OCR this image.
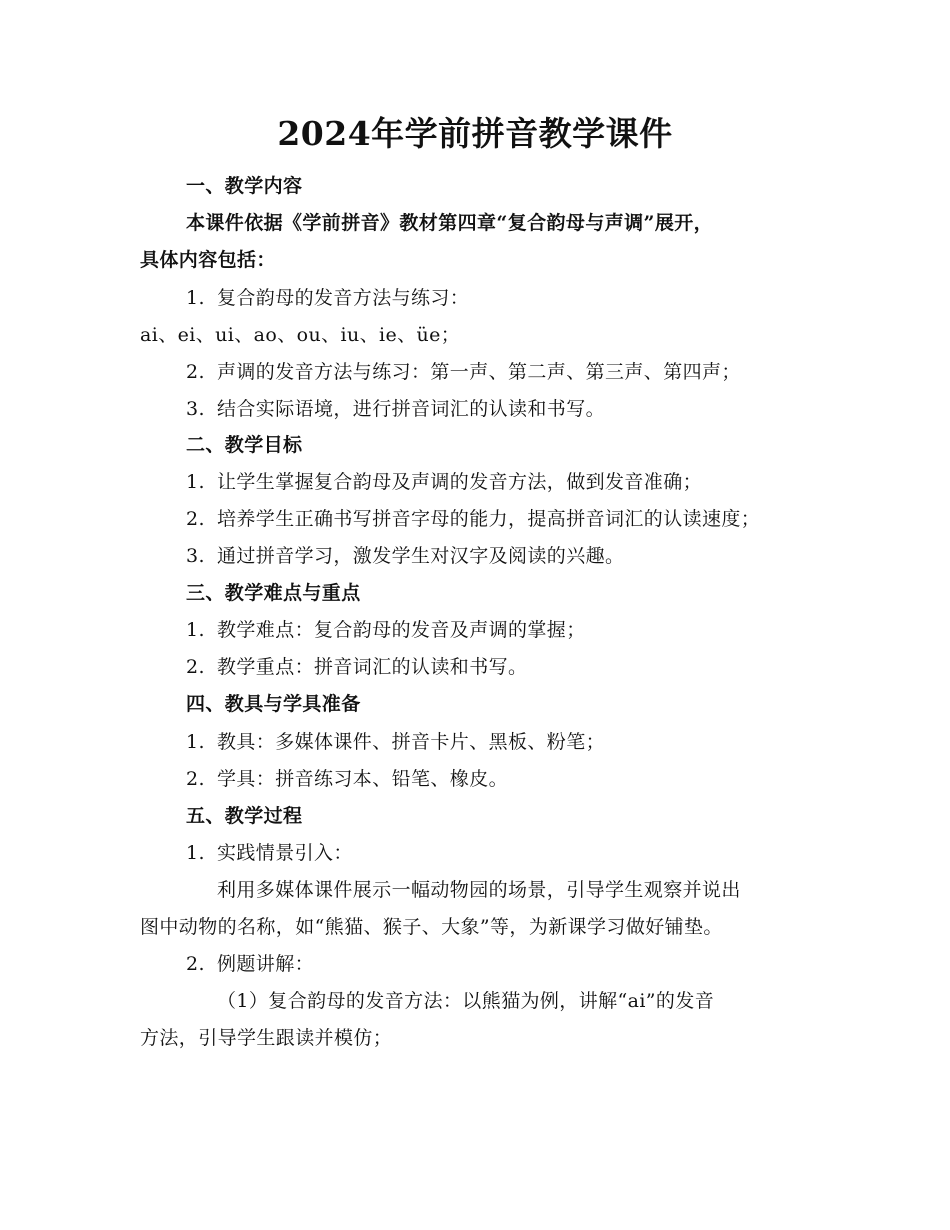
2024年学前拼音教学课件
一、教学内容
本课件依据《学前拼音》教材第四章“复合韵母与声调”展开，
具体内容包括：
1. 复合韵母的发音方法与练习：
ai、ei、ui、ao、ou、iu、ie、üe；
2. 声调的发音方法与练习：第一声、第二声、第三声、第四声；
3. 结合实际语境，进行拼音词汇的认读和书写。
二、教学目标
1. 让学生掌握复合韵母及声调的发音方法，做到发音准确；
2. 培养学生正确书写拼音字母的能力，提高拼音词汇的认读速度；
3. 通过拼音学习，激发学生对汉字及阅读的兴趣。
三、教学难点与重点
1. 教学难点：复合韵母的发音及声调的掌握；
2. 教学重点：拼音词汇的认读和书写。
四、教具与学具准备
1. 教具：多媒体课件、拼音卡片、黑板、粉笔；
2. 学具：拼音练习本、铅笔、橡皮。
五、教学过程
1. 实践情景引入：
利用多媒体课件展示一幅动物园的场景，引导学生观察并说出
图中动物的名称，如“熊猫、猴子、大象”等，为新课学习做好铺垫。
2. 例题讲解：
（1）复合韵母的发音方法：以熊猫为例，讲解“ai”的发音
方法，引导学生跟读并模仿；
